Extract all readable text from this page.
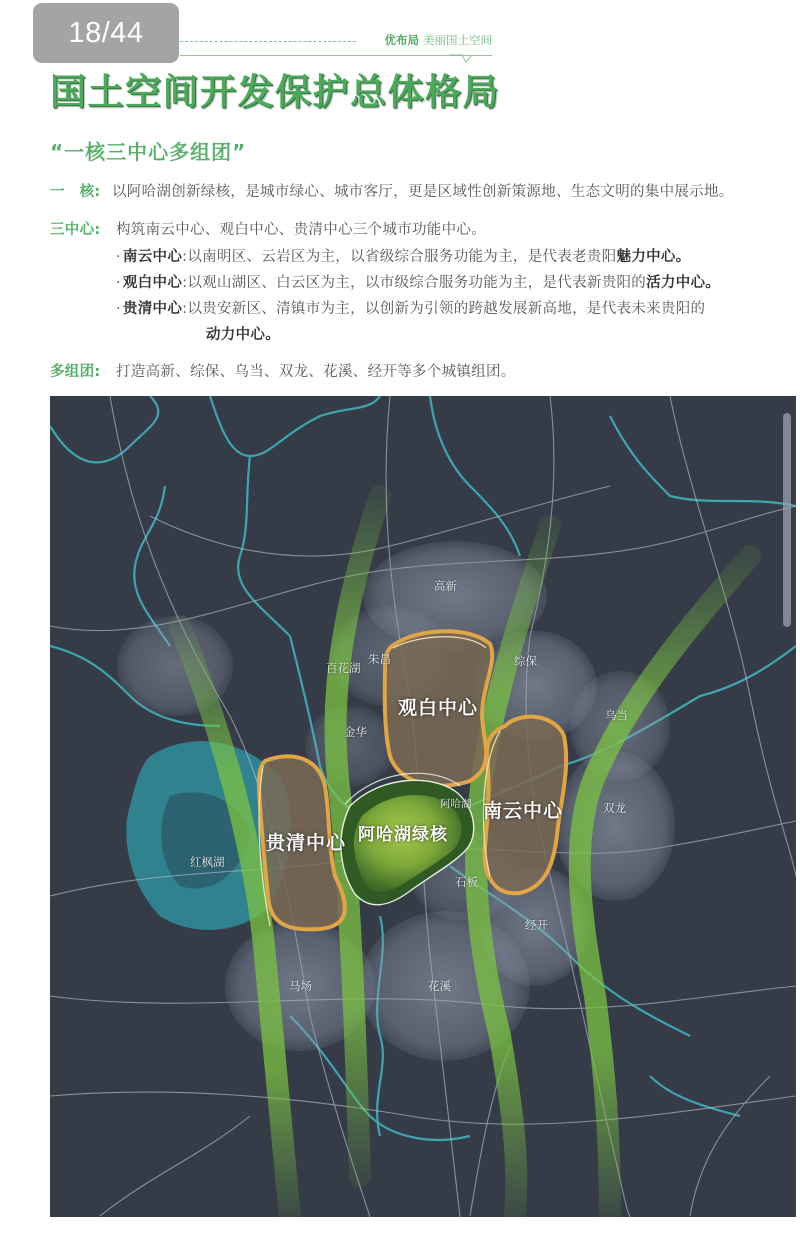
18/44	优布局 美丽国土空间
国土空间开发保护总体格局
“一核三中心多组团”
一　核: 以阿哈湖创新绿核，是城市绿心、城市客厅，更是区域性创新策源地、生态文明的集中展示地。
三中心: 构筑南云中心、观白中心、贵清中心三个城市功能中心。
· 南云中心:以南明区、云岩区为主，以省级综合服务功能为主，是代表老贵阳魅力中心。
· 观白中心:以观山湖区、白云区为主，以市级综合服务功能为主，是代表新贵阳的活力中心。
· 贵清中心:以贵安新区、清镇市为主，以创新为引领的跨越发展新高地，是代表未来贵阳的
动力中心。
多组团: 打造高新、综保、乌当、双龙、花溪、经开等多个城镇组团。
高新
百花湖
朱昌	综保
乌当
金华
阿哈湖	双龙
红枫湖
石板
经开
马场	花溪
观白中心
南云中心
贵清中心 阿哈湖绿核
